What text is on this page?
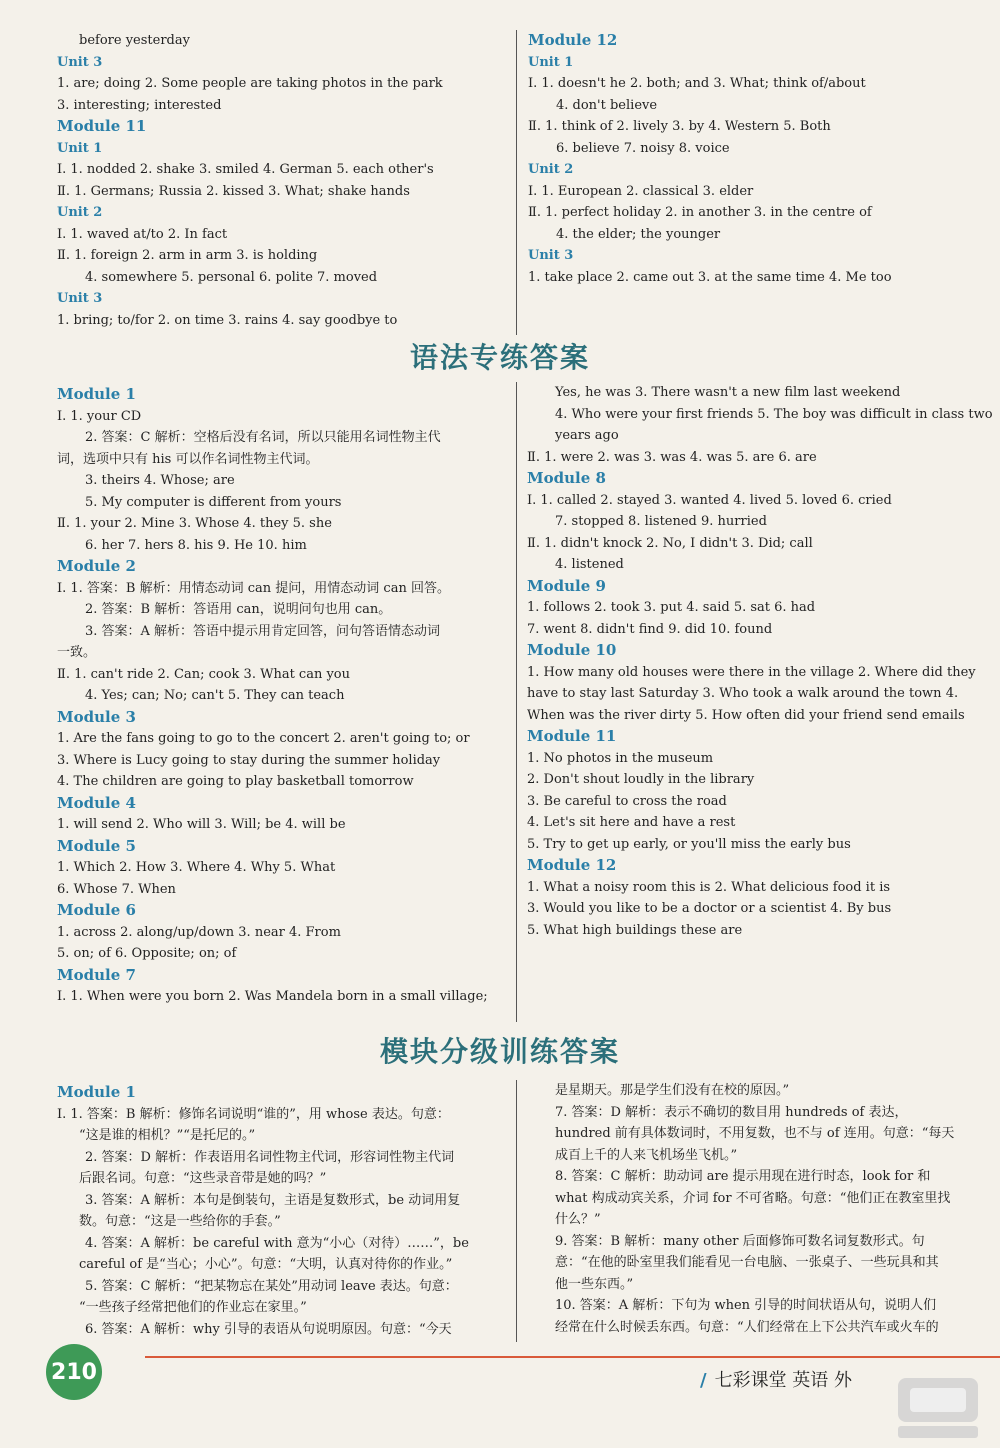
before yesterday
Unit 3
1. are; doing 2. Some people are taking photos in the park
3. interesting; interested
Module 11
Unit 1
Ⅰ. 1. nodded 2. shake 3. smiled 4. German 5. each other's
Ⅱ. 1. Germans; Russia 2. kissed 3. What; shake hands
Unit 2
Ⅰ. 1. waved at/to 2. In fact
Ⅱ. 1. foreign 2. arm in arm 3. is holding
4. somewhere 5. personal 6. polite 7. moved
Unit 3
1. bring; to/for 2. on time 3. rains 4. say goodbye to
Module 12
Unit 1
Ⅰ. 1. doesn't he 2. both; and 3. What; think of/about
4. don't believe
Ⅱ. 1. think of 2. lively 3. by 4. Western 5. Both
6. believe 7. noisy 8. voice
Unit 2
Ⅰ. 1. European 2. classical 3. elder
Ⅱ. 1. perfect holiday 2. in another 3. in the centre of
4. the elder; the younger
Unit 3
1. take place 2. came out 3. at the same time 4. Me too
语法专练答案
Module 1
Ⅰ. 1. your CD
2. 答案：C 解析：空格后没有名词，所以只能用名词性物主代
词，选项中只有 his 可以作名词性物主代词。
3. theirs 4. Whose; are
5. My computer is different from yours
Ⅱ. 1. your 2. Mine 3. Whose 4. they 5. she
6. her 7. hers 8. his 9. He 10. him
Module 2
Ⅰ. 1. 答案：B 解析：用情态动词 can 提问，用情态动词 can 回答。
2. 答案：B 解析：答语用 can，说明问句也用 can。
3. 答案：A 解析：答语中提示用肯定回答，问句答语情态动词
一致。
Ⅱ. 1. can't ride 2. Can; cook 3. What can you
4. Yes; can; No; can't 5. They can teach
Module 3
1. Are the fans going to go to the concert 2. aren't going to; or
3. Where is Lucy going to stay during the summer holiday
4. The children are going to play basketball tomorrow
Module 4
1. will send 2. Who will 3. Will; be 4. will be
Module 5
1. Which 2. How 3. Where 4. Why 5. What
6. Whose 7. When
Module 6
1. across 2. along/up/down 3. near 4. From
5. on; of 6. Opposite; on; of
Module 7
Ⅰ. 1. When were you born 2. Was Mandela born in a small village;
Yes, he was 3. There wasn't a new film last weekend
4. Who were your first friends 5. The boy was difficult in class two
years ago
Ⅱ. 1. were 2. was 3. was 4. was 5. are 6. are
Module 8
Ⅰ. 1. called 2. stayed 3. wanted 4. lived 5. loved 6. cried
7. stopped 8. listened 9. hurried
Ⅱ. 1. didn't knock 2. No, I didn't 3. Did; call
4. listened
Module 9
1. follows 2. took 3. put 4. said 5. sat 6. had
7. went 8. didn't find 9. did 10. found
Module 10
1. How many old houses were there in the village 2. Where did they
have to stay last Saturday 3. Who took a walk around the town 4.
When was the river dirty 5. How often did your friend send emails
Module 11
1. No photos in the museum
2. Don't shout loudly in the library
3. Be careful to cross the road
4. Let's sit here and have a rest
5. Try to get up early, or you'll miss the early bus
Module 12
1. What a noisy room this is 2. What delicious food it is
3. Would you like to be a doctor or a scientist 4. By bus
5. What high buildings these are
模块分级训练答案
Module 1
Ⅰ. 1. 答案：B 解析：修饰名词说明“谁的”，用 whose 表达。句意：
“这是谁的相机？”“是托尼的。”
2. 答案：D 解析：作表语用名词性物主代词，形容词性物主代词
后跟名词。句意：“这些录音带是她的吗？”
3. 答案：A 解析：本句是倒装句，主语是复数形式，be 动词用复
数。句意：“这是一些给你的手套。”
4. 答案：A 解析：be careful with 意为“小心（对待）……”，be
careful of 是“当心；小心”。句意：“大明，认真对待你的作业。”
5. 答案：C 解析：“把某物忘在某处”用动词 leave 表达。句意：
“一些孩子经常把他们的作业忘在家里。”
6. 答案：A 解析：why 引导的表语从句说明原因。句意：“今天
是星期天。那是学生们没有在校的原因。”
7. 答案：D 解析：表示不确切的数目用 hundreds of 表达，
hundred 前有具体数词时，不用复数，也不与 of 连用。句意：“每天
成百上千的人来飞机场坐飞机。”
8. 答案：C 解析：助动词 are 提示用现在进行时态，look for 和
what 构成动宾关系，介词 for 不可省略。句意：“他们正在教室里找
什么？”
9. 答案：B 解析：many other 后面修饰可数名词复数形式。句
意：“在他的卧室里我们能看见一台电脑、一张桌子、一些玩具和其
他一些东西。”
10. 答案：A 解析：下句为 when 引导的时间状语从句，说明人们
经常在什么时候丢东西。句意：“人们经常在上下公共汽车或火车的
210	/ 七彩课堂 英语 外
